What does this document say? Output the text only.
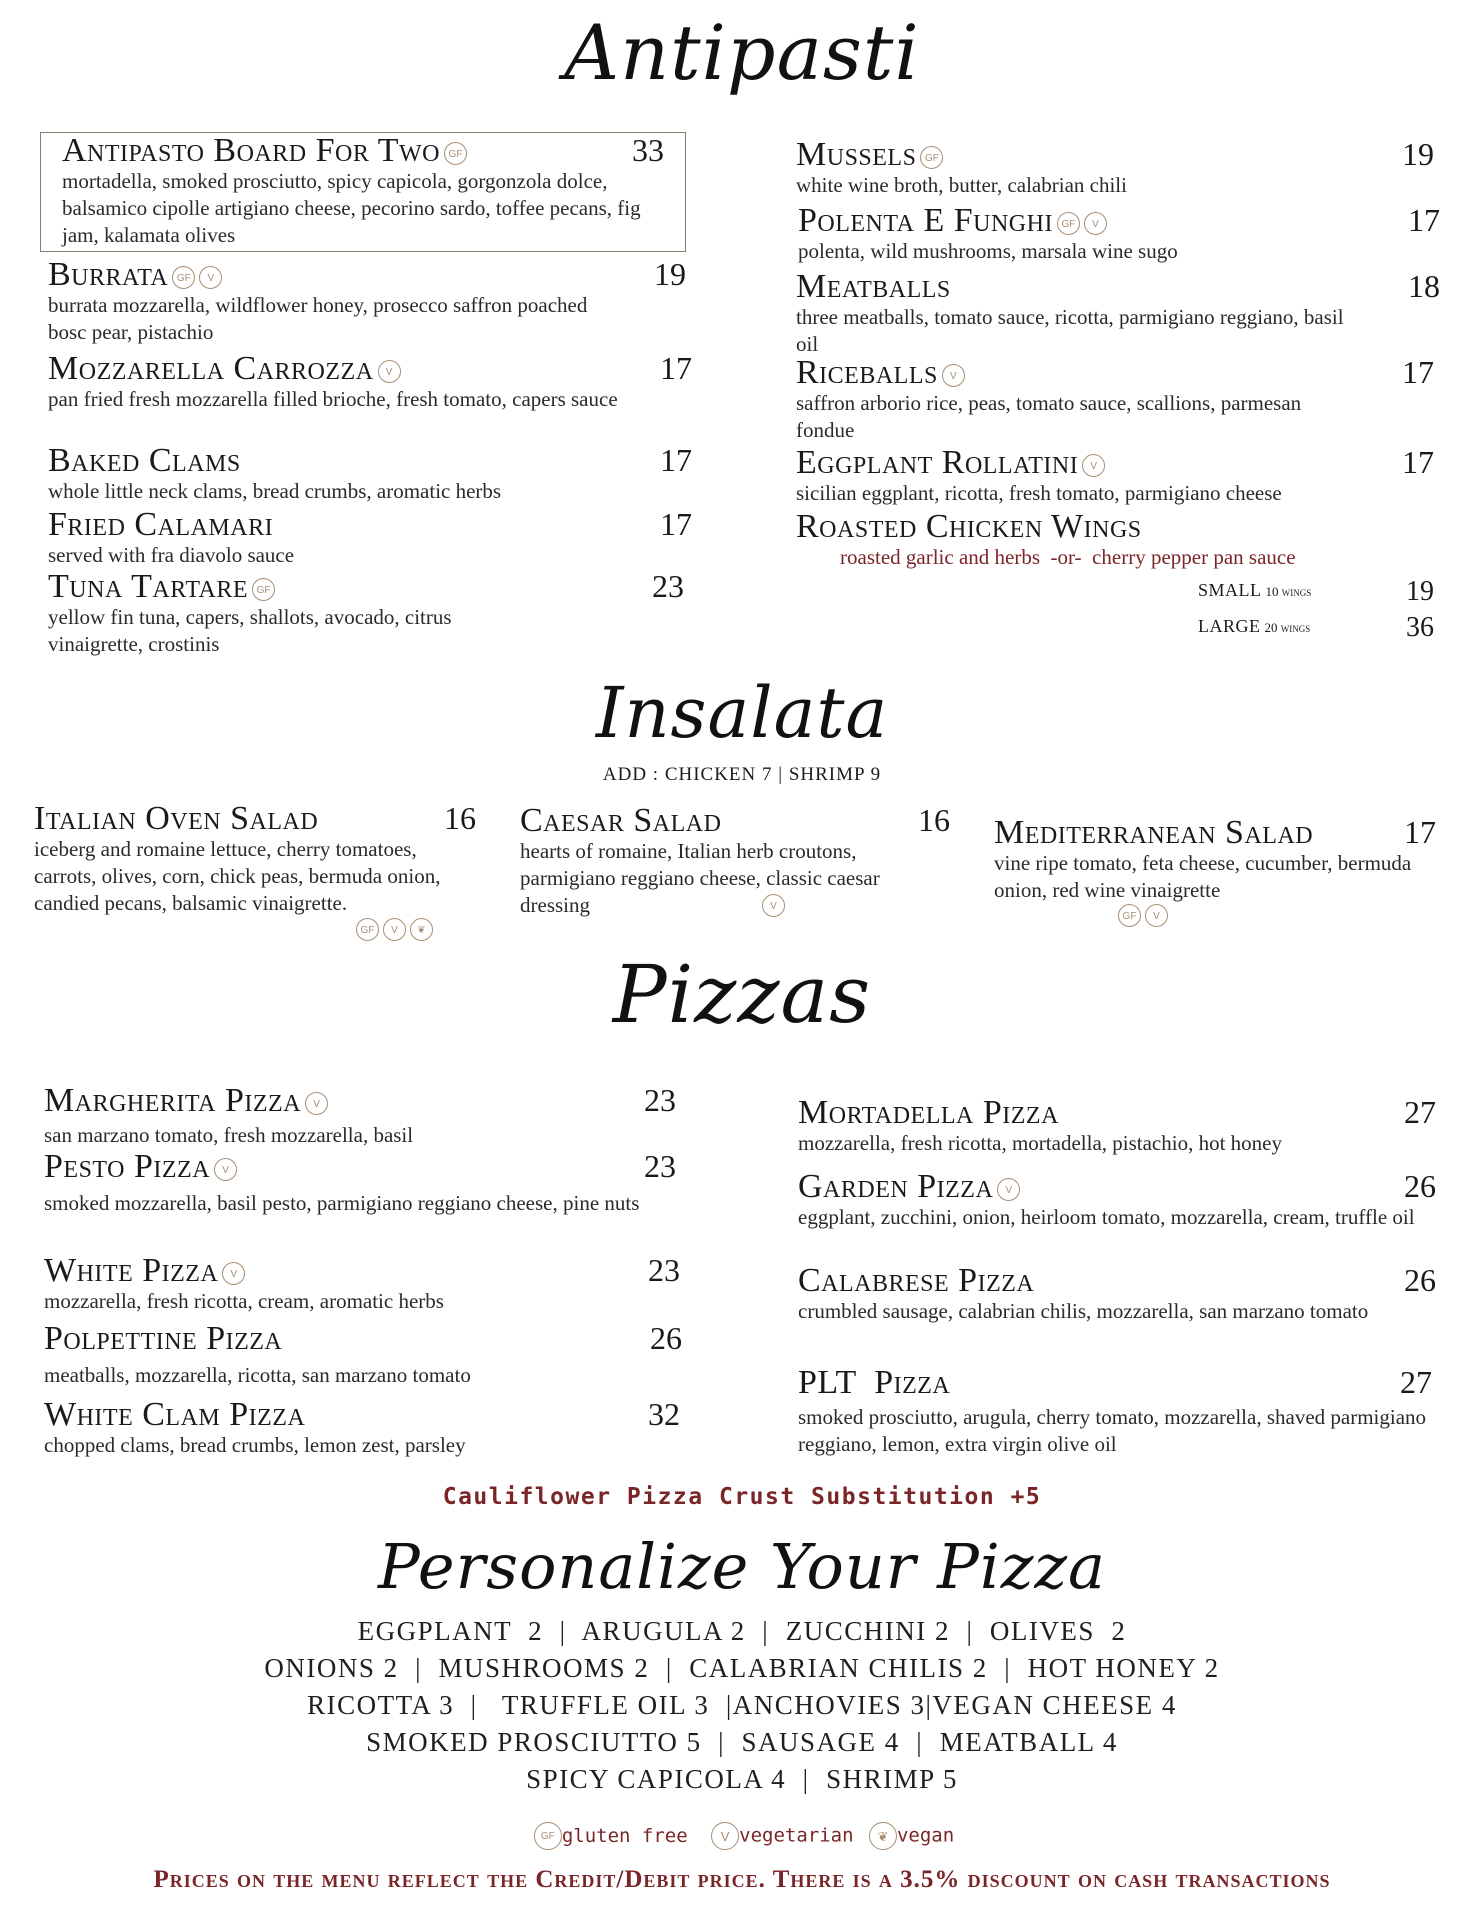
Antipasti
Antipasto Board For Two GF	33
mortadella, smoked prosciutto, spicy capicola, gorgonzola dolce, balsamico cipolle artigiano cheese, pecorino sardo, toffee pecans, fig jam, kalamata olives
Burrata GF V	19
burrata mozzarella, wildflower honey, prosecco saffron poached bosc pear, pistachio
Mozzarella Carrozza V	17
pan fried fresh mozzarella filled brioche, fresh tomato, capers sauce
Baked Clams	17
whole little neck clams, bread crumbs, aromatic herbs
Fried Calamari	17
served with fra diavolo sauce
Tuna Tartare GF	23
yellow fin tuna, capers, shallots, avocado, citrus vinaigrette, crostinis
Mussels GF	19
white wine broth, butter, calabrian chili
Polenta E Funghi GF V	17
polenta, wild mushrooms, marsala wine sugo
Meatballs	18
three meatballs, tomato sauce, ricotta, parmigiano reggiano, basil oil
Riceballs V	17
saffron arborio rice, peas, tomato sauce, scallions, parmesan fondue
Eggplant Rollatini V	17
sicilian eggplant, ricotta, fresh tomato, parmigiano cheese
Roasted Chicken Wings
roasted garlic and herbs  -or-  cherry pepper pan sauce
SMALL 10 wings	19
LARGE 20 wings	36
Insalata
ADD : CHICKEN 7 | SHRIMP 9
Italian Oven Salad	16
iceberg and romaine lettuce, cherry tomatoes, carrots, olives, corn, chick peas, bermuda onion, candied pecans, balsamic vinaigrette.
GF V ❦
Caesar Salad	16
hearts of romaine, Italian herb croutons, parmigiano reggiano cheese, classic caesar dressing	V
Mediterranean Salad	17
vine ripe tomato, feta cheese, cucumber, bermuda onion, red wine vinaigrette
GF V
Pizzas
Margherita Pizza V	23
san marzano tomato, fresh mozzarella, basil
Pesto Pizza V	23
smoked mozzarella, basil pesto, parmigiano reggiano cheese, pine nuts
White Pizza V	23
mozzarella, fresh ricotta, cream, aromatic herbs
Polpettine Pizza	26
meatballs, mozzarella, ricotta, san marzano tomato
White Clam Pizza	32
chopped clams, bread crumbs, lemon zest, parsley
Mortadella Pizza	27
mozzarella, fresh ricotta, mortadella, pistachio, hot honey
Garden Pizza V	26
eggplant, zucchini, onion, heirloom tomato, mozzarella, cream, truffle oil
Calabrese Pizza	26
crumbled sausage, calabrian chilis, mozzarella, san marzano tomato
PLT  Pizza	27
smoked prosciutto, arugula, cherry tomato, mozzarella, shaved parmigiano reggiano, lemon, extra virgin olive oil
Cauliflower Pizza Crust Substitution +5
Personalize Your Pizza
EGGPLANT  2  |  ARUGULA 2  |  ZUCCHINI 2  |  OLIVES  2
ONIONS 2  |  MUSHROOMS 2  |  CALABRIAN CHILIS 2  |  HOT HONEY 2
RICOTTA 3  |   TRUFFLE OIL 3  |ANCHOVIES 3|VEGAN CHEESE 4
SMOKED PROSCIUTTO 5  |  SAUSAGE 4  |  MEATBALL 4
SPICY CAPICOLA 4  |  SHRIMP 5
GF gluten free	V vegetarian ❦ vegan
Prices on the menu reflect the Credit/Debit price. There is a 3.5% discount on cash transactions
